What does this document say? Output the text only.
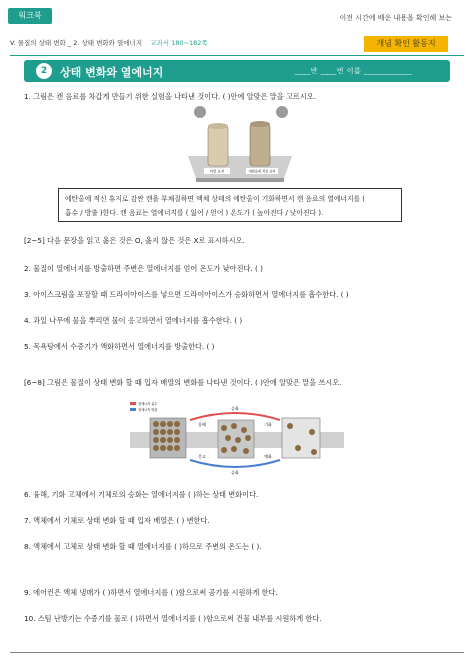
워크북	이전 시간에 배운 내용을 확인해 보는
V. 물질의 상태 변화 _ 2. 상태 변화와 열에너지 교과서 180~182쪽	개념 확인 활동지
2	상태 변화와 열에너지	____반 ____번 이름 ____________
1. 그림은 캔 음료를 차갑게 만들기 위한 실험을 나타낸 것이다. ( )안에 알맞은 말을 고르시오.
이런 표지	에탄올에 적신 표지
에탄올에 적신 휴지로 감싼 캔을 부채질하면 액체 상태의 에탄올이 기화하면서 캔 음료의 열에너지를 (
흡수 / 방출 )한다. 캔 음료는 열에너지를 ( 잃어 / 얻어 ) 온도가 ( 높아진다 / 낮아진다 ).
[2~5] 다음 문장을 읽고 옳은 것은 O, 옳지 않은 것은 X로 표시하시오.
2. 물질이 열에너지를 방출하면 주변은 열에너지를 얻어 온도가 낮아진다. ( )
3. 아이스크림을 포장할 때 드라이아이스를 넣으면 드라이아이스가 승화하면서 열에너지를 흡수한다. ( )
4. 과일 나무에 물을 뿌리면 물이 응고하면서 열에너지를 흡수한다. ( )
5. 목욕탕에서 수증기가 액화하면서 열에너지를 방출한다. ( )
[6~8] 그림은 물질이 상태 변화 할 때 입자 배열의 변화를 나타낸 것이다. ( )안에 알맞은 말을 쓰시오.
열에너지 흡수
열에너지 방출
융해
응고
기화
액화
승화
승화
6. 융해, 기화 고체에서 기체로의 승화는 열에너지를 ( )하는 상태 변화이다.
7. 액체에서 기체로 상태 변화 할 때 입자 배열은 ( ) 변한다.
8. 액체에서 고체로 상태 변화 할 때 열에너지를 ( )하므로 주변의 온도는 ( ).
9. 에어컨은 액체 냉매가 ( )하면서 열에너지를 ( )함으로써 공기를 시원하게 한다.
10. 스팀 난방기는 수증기를 물로 ( )하면서 열에너지를 ( )함으로써 건물 내부를 시원하게 한다.
